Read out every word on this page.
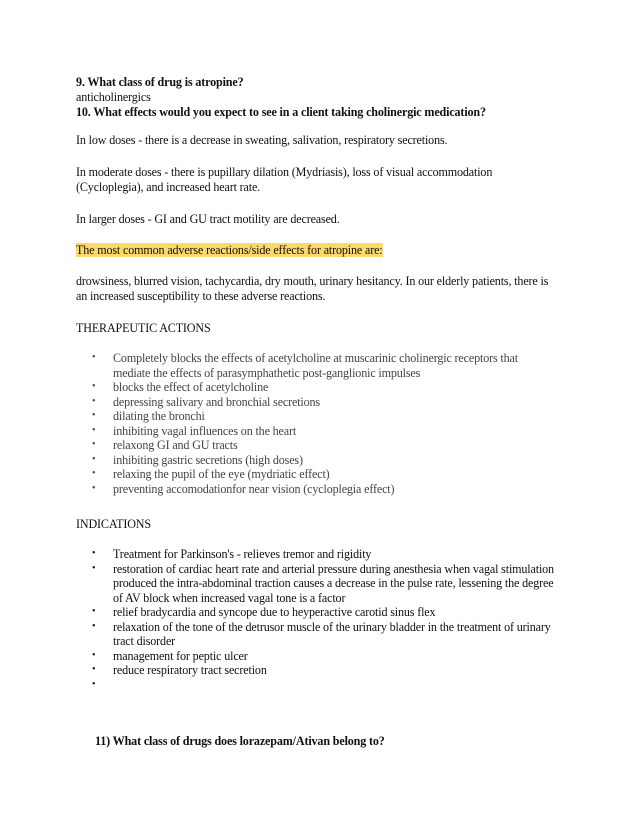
9. What class of drug is atropine?

anticholinergics

10. What effects would you expect to see in a client taking cholinergic medication?

In low doses - there is a decrease in sweating, salivation, respiratory secretions.

In moderate doses - there is pupillary dilation (Mydriasis), loss of visual accommodation (Cycloplegia), and increased heart rate.

In larger doses - GI and GU tract motility are decreased.

The most common adverse reactions/side effects for atropine are:

drowsiness, blurred vision, tachycardia, dry mouth, urinary hesitancy. In our elderly patients, there is an increased susceptibility to these adverse reactions.

THERAPEUTIC ACTIONS

• Completely blocks the effects of acetylcholine at muscarinic cholinergic receptors that mediate the effects of parasymphathetic post-ganglionic impulses
• blocks the effect of acetylcholine
• depressing salivary and bronchial secretions
• dilating the bronchi
• inhibiting vagal influences on the heart
• relaxong GI and GU tracts
• inhibiting gastric secretions (high doses)
• relaxing the pupil of the eye (mydriatic effect)
• preventing accomodationfor near vision (cycloplegia effect)

INDICATIONS

• Treatment for Parkinson's - relieves tremor and rigidity
• restoration of cardiac heart rate and arterial pressure during anesthesia when vagal stimulation produced the intra-abdominal traction causes a decrease in the pulse rate, lessening the degree of AV block when increased vagal tone is a factor
• relief bradycardia and syncope due to heyperactive carotid sinus flex
• relaxation of the tone of the detrusor muscle of the urinary bladder in the treatment of urinary tract disorder
• management for peptic ulcer
• reduce respiratory tract secretion
•

11) What class of drugs does lorazepam/Ativan belong to?
